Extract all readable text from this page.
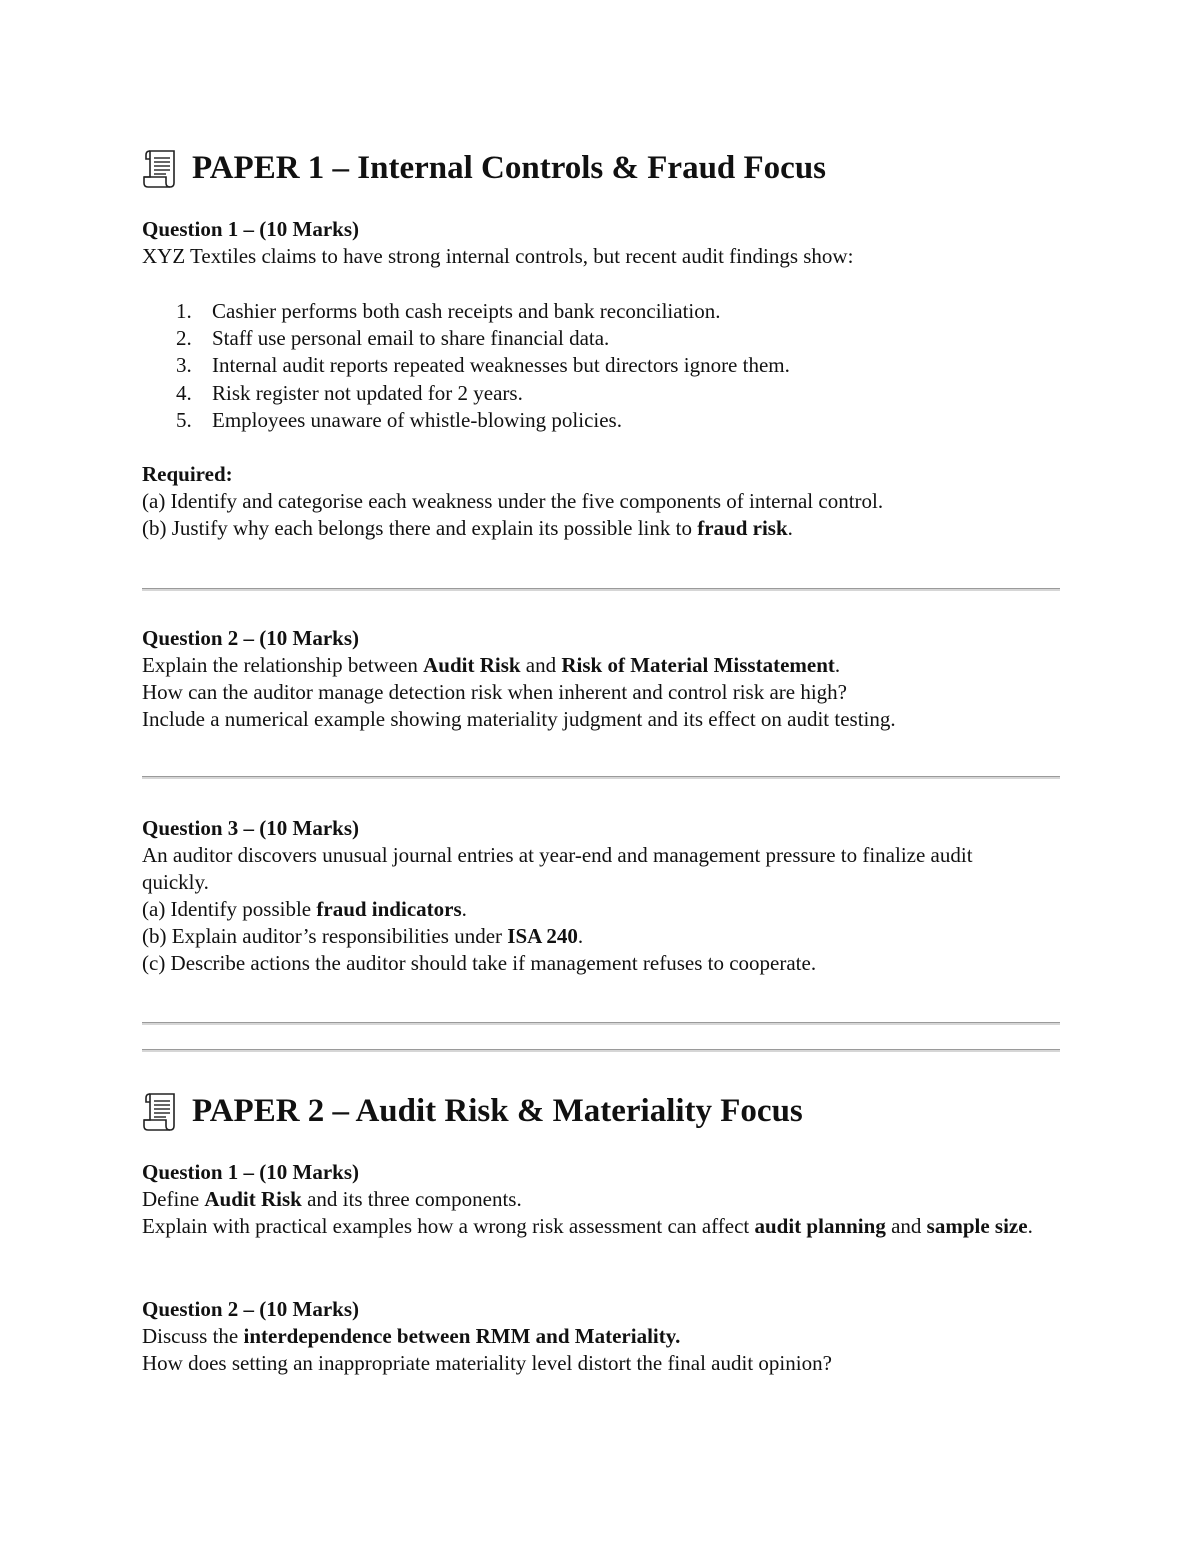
PAPER 1 – Internal Controls & Fraud Focus

Question 1 – (10 Marks)

XYZ Textiles claims to have strong internal controls, but recent audit findings show:

1. Cashier performs both cash receipts and bank reconciliation.
2. Staff use personal email to share financial data.
3. Internal audit reports repeated weaknesses but directors ignore them.
4. Risk register not updated for 2 years.
5. Employees unaware of whistle-blowing policies.

Required:

(a) Identify and categorise each weakness under the five components of internal control.

(b) Justify why each belongs there and explain its possible link to fraud risk.

Question 2 – (10 Marks)

Explain the relationship between Audit Risk and Risk of Material Misstatement.

How can the auditor manage detection risk when inherent and control risk are high?

Include a numerical example showing materiality judgment and its effect on audit testing.

Question 3 – (10 Marks)

An auditor discovers unusual journal entries at year-end and management pressure to finalize audit quickly.

(a) Identify possible fraud indicators.

(b) Explain auditor’s responsibilities under ISA 240.

(c) Describe actions the auditor should take if management refuses to cooperate.

PAPER 2 – Audit Risk & Materiality Focus

Question 1 – (10 Marks)

Define Audit Risk and its three components.

Explain with practical examples how a wrong risk assessment can affect audit planning and sample size.

Question 2 – (10 Marks)

Discuss the interdependence between RMM and Materiality.

How does setting an inappropriate materiality level distort the final audit opinion?
